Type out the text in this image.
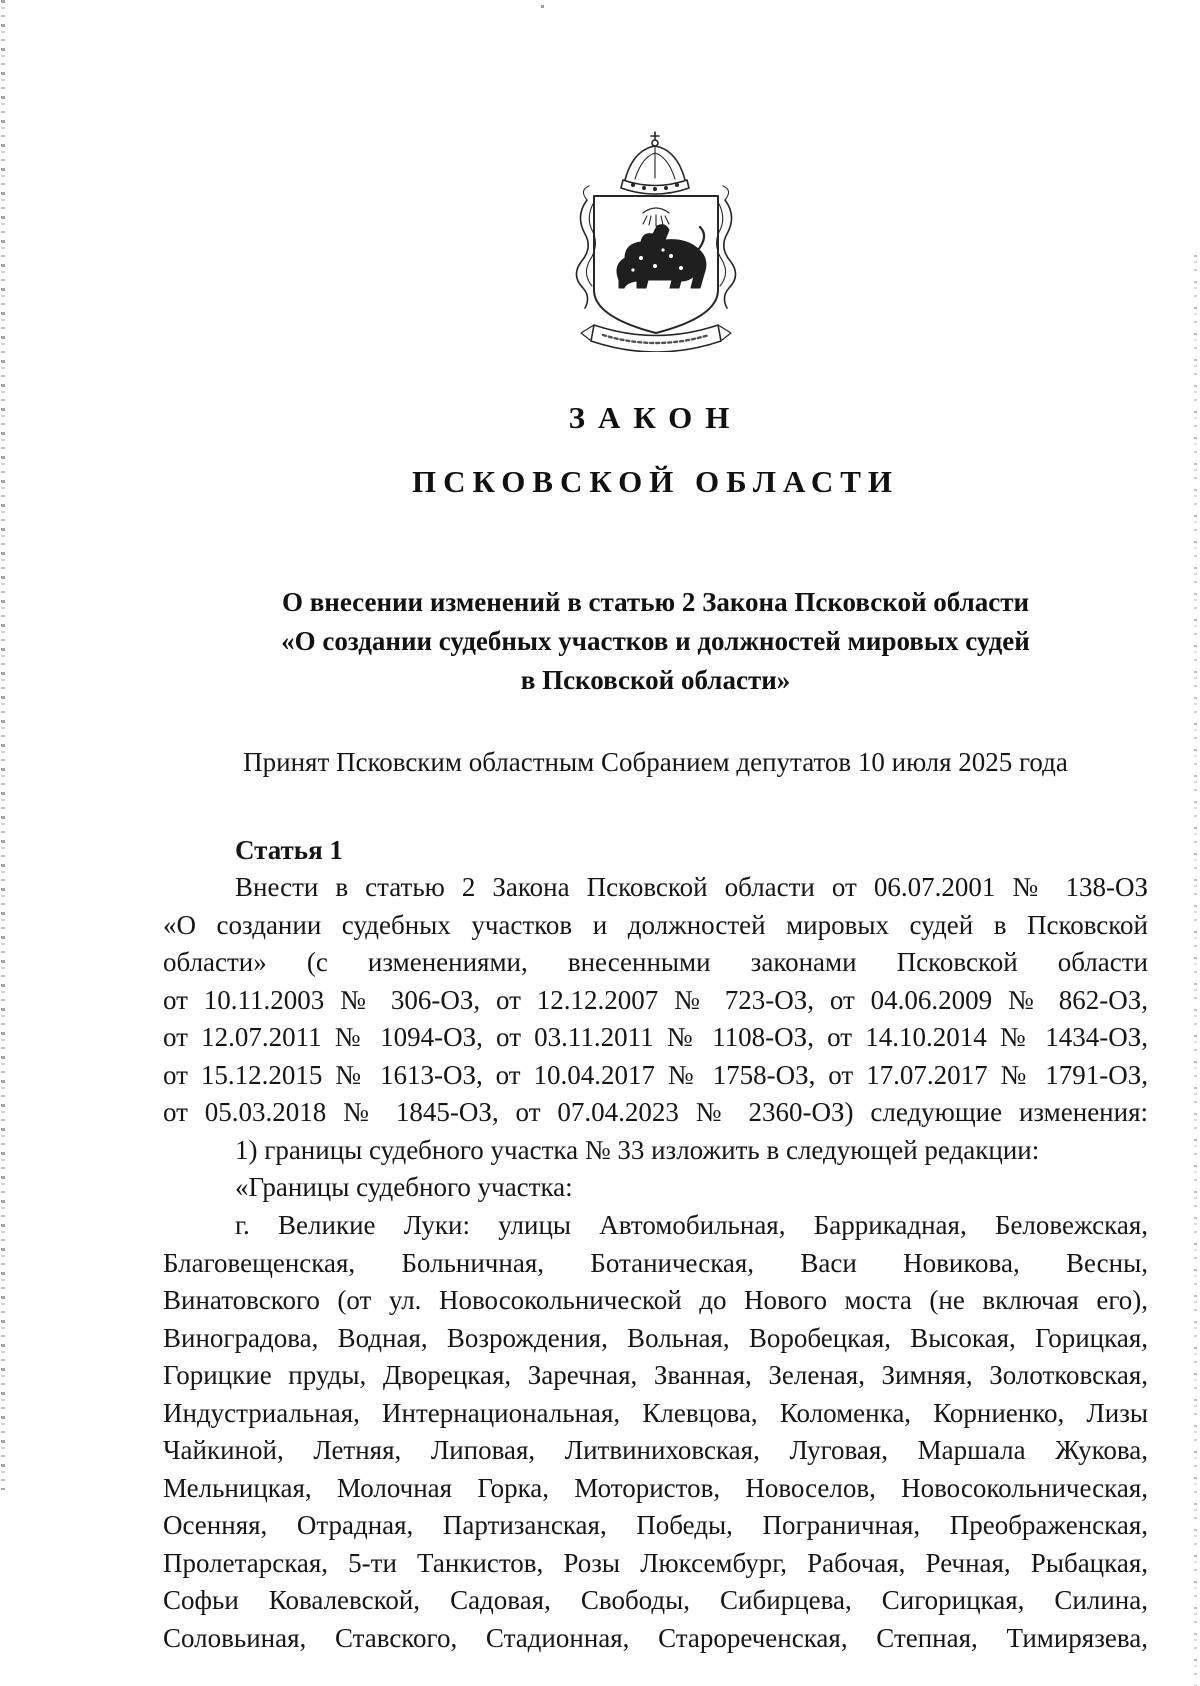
ЗАКОН
ПСКОВСКОЙ ОБЛАСТИ
О внесении изменений в статью 2 Закона Псковской области
«О создании судебных участков и должностей мировых судей
в Псковской области»
Принят Псковским областным Собранием депутатов 10 июля 2025 года
Статья 1
Внести в статью 2 Закона Псковской области от 06.07.2001 № 138-ОЗ
«О создании судебных участков и должностей мировых судей в Псковской
области» (с изменениями, внесенными законами Псковской области
от 10.11.2003 № 306-ОЗ, от 12.12.2007 № 723-ОЗ, от 04.06.2009 № 862-ОЗ,
от 12.07.2011 № 1094-ОЗ, от 03.11.2011 № 1108-ОЗ, от 14.10.2014 № 1434-ОЗ,
от 15.12.2015 № 1613-ОЗ, от 10.04.2017 № 1758-ОЗ, от 17.07.2017 № 1791-ОЗ,
от 05.03.2018 № 1845-ОЗ, от 07.04.2023 № 2360-ОЗ) следующие изменения:
1) границы судебного участка № 33 изложить в следующей редакции:
«Границы судебного участка:
г. Великие Луки: улицы Автомобильная, Баррикадная, Беловежская,
Благовещенская, Больничная, Ботаническая, Васи Новикова, Весны,
Винатовского (от ул. Новосокольнической до Нового моста (не включая его),
Виноградова, Водная, Возрождения, Вольная, Воробецкая, Высокая, Горицкая,
Горицкие пруды, Дворецкая, Заречная, Званная, Зеленая, Зимняя, Золотковская,
Индустриальная, Интернациональная, Клевцова, Коломенка, Корниенко, Лизы
Чайкиной, Летняя, Липовая, Литвиниховская, Луговая, Маршала Жукова,
Мельницкая, Молочная Горка, Мотористов, Новоселов, Новосокольническая,
Осенняя, Отрадная, Партизанская, Победы, Пограничная, Преображенская,
Пролетарская, 5-ти Танкистов, Розы Люксембург, Рабочая, Речная, Рыбацкая,
Софьи Ковалевской, Садовая, Свободы, Сибирцева, Сигорицкая, Силина,
Соловьиная, Ставского, Стадионная, Старореченская, Степная, Тимирязева,
